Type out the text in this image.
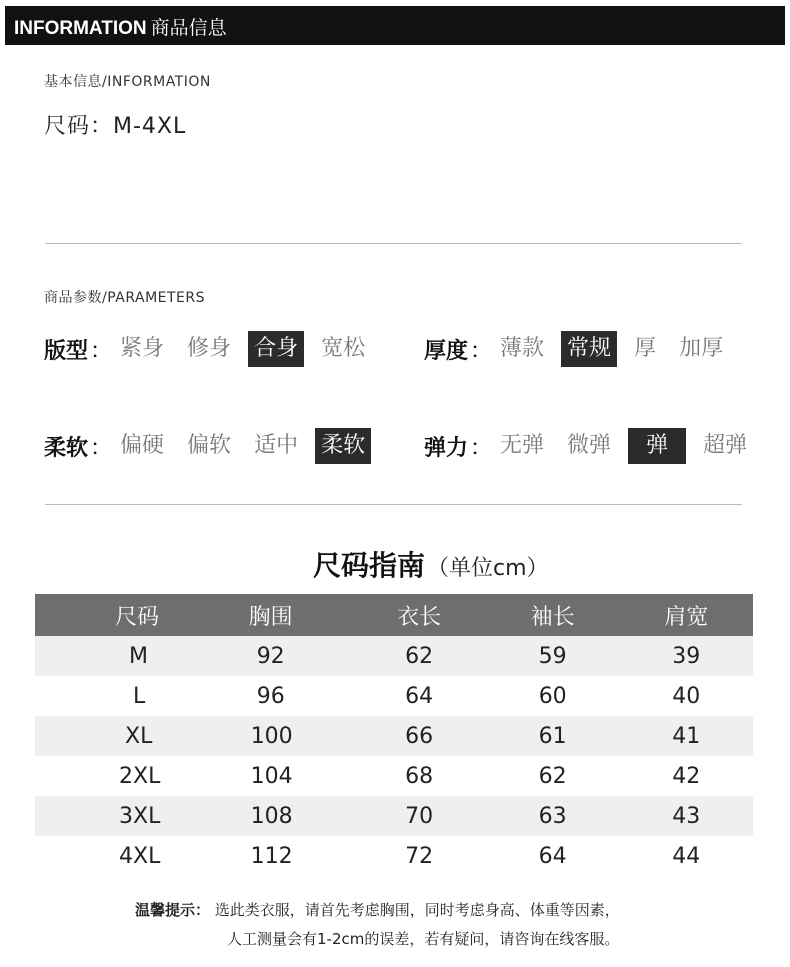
INFORMATION 商品信息
基本信息/INFORMATION
尺码：M-4XL
商品参数/PARAMETERS
版型 ： 紧身 修身 合身 宽松	厚度 ： 薄款 常规 厚 加厚
柔软 ： 偏硬 偏软 适中 柔软	弹力 ： 无弹 微弹	弹	超弹
尺码指南（单位cm）
尺码	胸围	衣长	袖长	肩宽
M	92	62	59	39
L	96	64	60	40
XL	100	66	61	41
2XL	104	68	62	42
3XL	108	70	63	43
4XL	112	72	64	44
温馨提示： 选此类衣服，请首先考虑胸围，同时考虑身高、体重等因素，
人工测量会有1-2cm的误差，若有疑问，请咨询在线客服。
